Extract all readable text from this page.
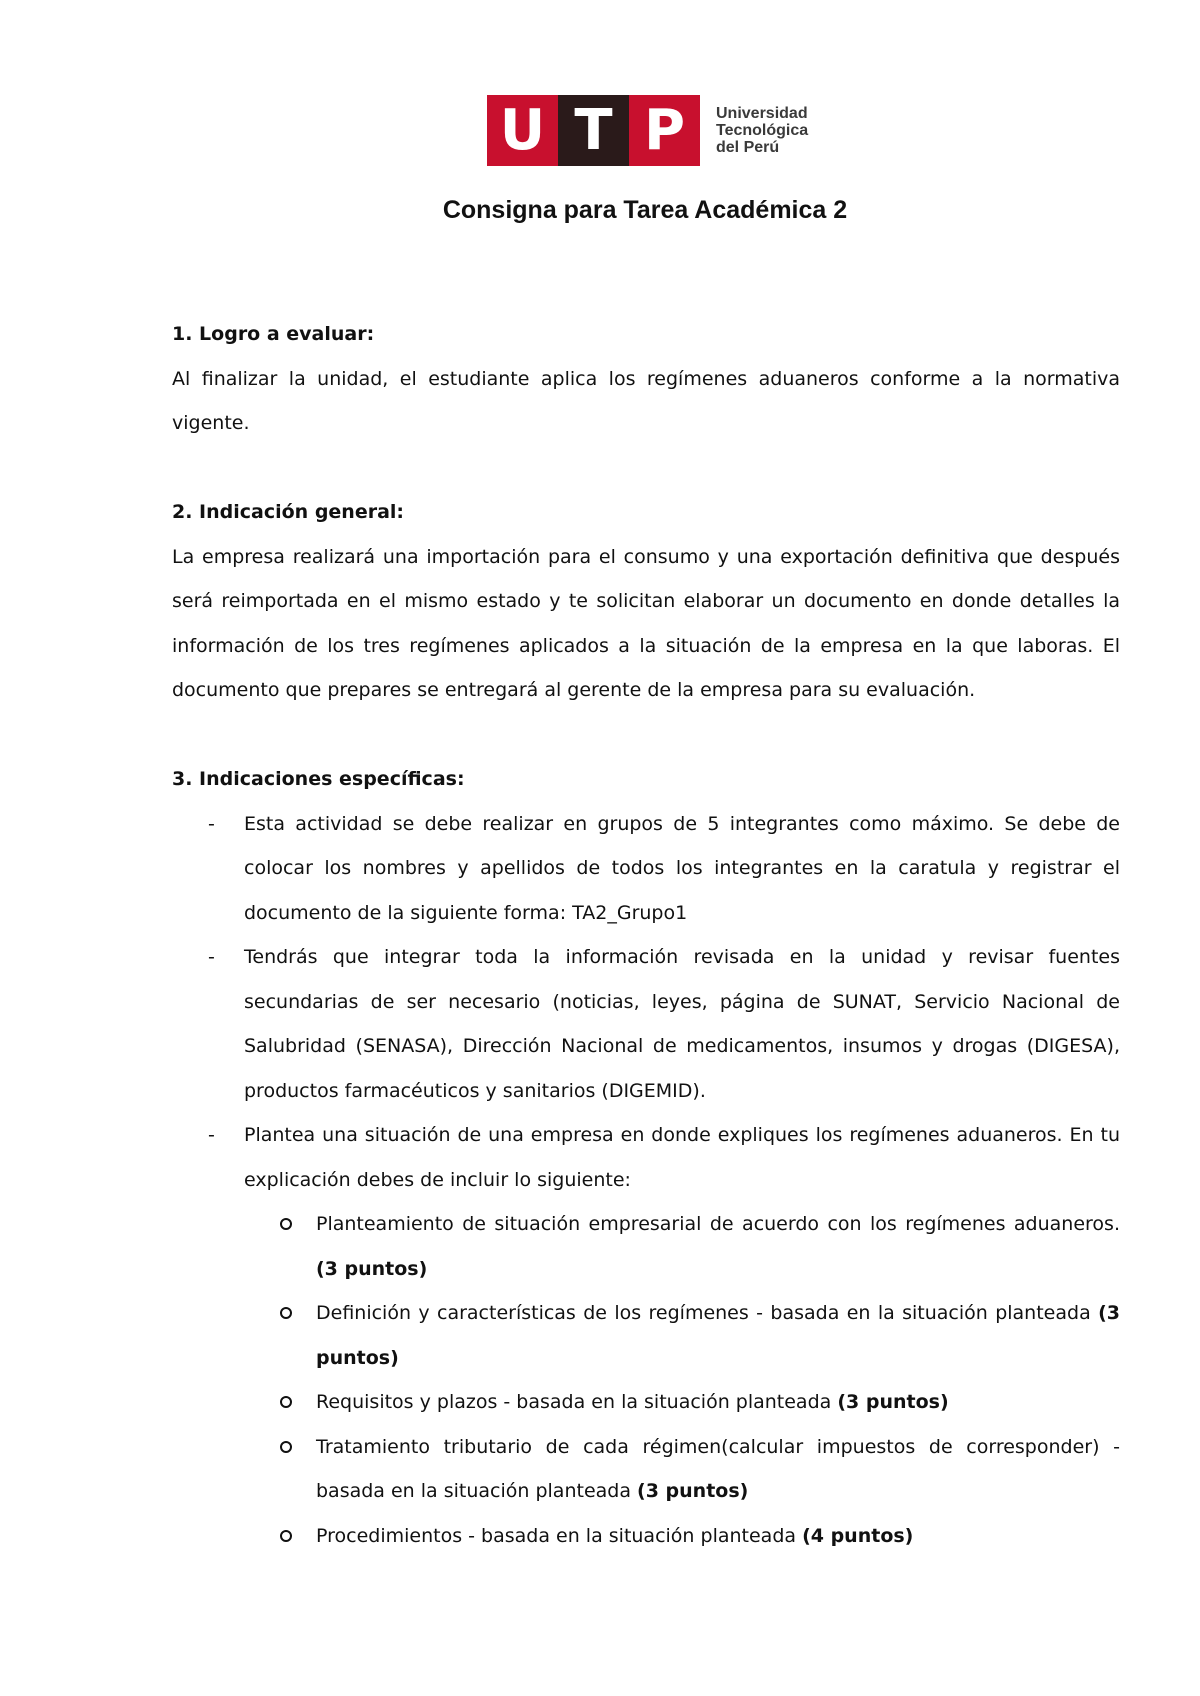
U T P	Universidad
Tecnológica
del Perú
Consigna para Tarea Académica 2
1. Logro a evaluar:

Al finalizar la unidad, el estudiante aplica los regímenes aduaneros conforme a la normativa vigente.

2. Indicación general:

La empresa realizará una importación para el consumo y una exportación definitiva que después será reimportada en el mismo estado y te solicitan elaborar un documento en donde detalles la información de los tres regímenes aplicados a la situación de la empresa en la que laboras. El documento que prepares se entregará al gerente de la empresa para su evaluación.

3. Indicaciones específicas:
- Esta actividad se debe realizar en grupos de 5 integrantes como máximo. Se debe de colocar los nombres y apellidos de todos los integrantes en la caratula y registrar el documento de la siguiente forma: TA2_Grupo1
- Tendrás que integrar toda la información revisada en la unidad y revisar fuentes secundarias de ser necesario (noticias, leyes, página de SUNAT, Servicio Nacional de Salubridad (SENASA), Dirección Nacional de medicamentos, insumos y drogas (DIGESA), productos farmacéuticos y sanitarios (DIGEMID).
- Plantea una situación de una empresa en donde expliques los regímenes aduaneros. En tu explicación debes de incluir lo siguiente:
Planteamiento de situación empresarial de acuerdo con los regímenes aduaneros. (3 puntos)
Definición y características de los regímenes - basada en la situación planteada (3 puntos)
Requisitos y plazos - basada en la situación planteada (3 puntos)
Tratamiento tributario de cada régimen(calcular impuestos de corresponder) - basada en la situación planteada (3 puntos)
Procedimientos - basada en la situación planteada (4 puntos)
